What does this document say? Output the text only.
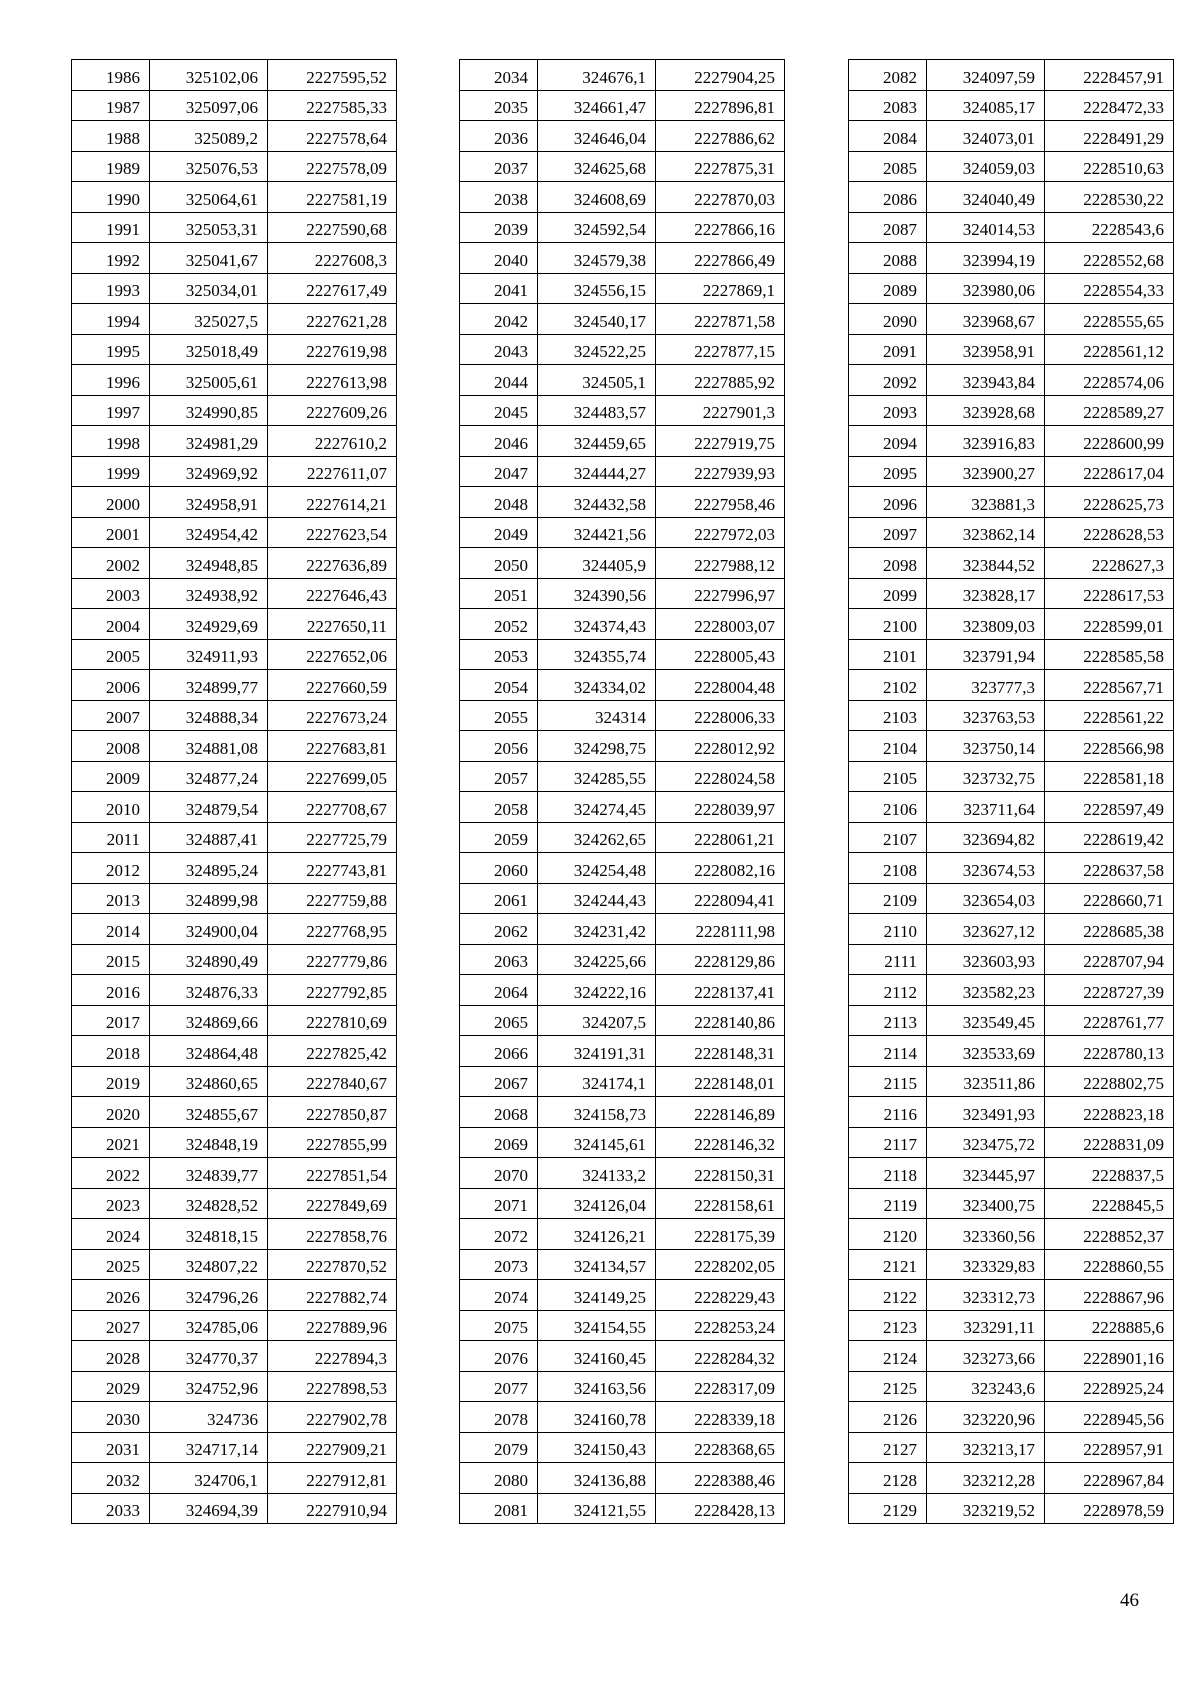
1986	325102,06	2227595,52
1987	325097,06	2227585,33
1988	325089,2	2227578,64
1989	325076,53	2227578,09
1990	325064,61	2227581,19
1991	325053,31	2227590,68
1992	325041,67	2227608,3
1993	325034,01	2227617,49
1994	325027,5	2227621,28
1995	325018,49	2227619,98
1996	325005,61	2227613,98
1997	324990,85	2227609,26
1998	324981,29	2227610,2
1999	324969,92	2227611,07
2000	324958,91	2227614,21
2001	324954,42	2227623,54
2002	324948,85	2227636,89
2003	324938,92	2227646,43
2004	324929,69	2227650,11
2005	324911,93	2227652,06
2006	324899,77	2227660,59
2007	324888,34	2227673,24
2008	324881,08	2227683,81
2009	324877,24	2227699,05
2010	324879,54	2227708,67
2011	324887,41	2227725,79
2012	324895,24	2227743,81
2013	324899,98	2227759,88
2014	324900,04	2227768,95
2015	324890,49	2227779,86
2016	324876,33	2227792,85
2017	324869,66	2227810,69
2018	324864,48	2227825,42
2019	324860,65	2227840,67
2020	324855,67	2227850,87
2021	324848,19	2227855,99
2022	324839,77	2227851,54
2023	324828,52	2227849,69
2024	324818,15	2227858,76
2025	324807,22	2227870,52
2026	324796,26	2227882,74
2027	324785,06	2227889,96
2028	324770,37	2227894,3
2029	324752,96	2227898,53
2030	324736	2227902,78
2031	324717,14	2227909,21
2032	324706,1	2227912,81
2033	324694,39	2227910,94
2034	324676,1	2227904,25
2035	324661,47	2227896,81
2036	324646,04	2227886,62
2037	324625,68	2227875,31
2038	324608,69	2227870,03
2039	324592,54	2227866,16
2040	324579,38	2227866,49
2041	324556,15	2227869,1
2042	324540,17	2227871,58
2043	324522,25	2227877,15
2044	324505,1	2227885,92
2045	324483,57	2227901,3
2046	324459,65	2227919,75
2047	324444,27	2227939,93
2048	324432,58	2227958,46
2049	324421,56	2227972,03
2050	324405,9	2227988,12
2051	324390,56	2227996,97
2052	324374,43	2228003,07
2053	324355,74	2228005,43
2054	324334,02	2228004,48
2055	324314	2228006,33
2056	324298,75	2228012,92
2057	324285,55	2228024,58
2058	324274,45	2228039,97
2059	324262,65	2228061,21
2060	324254,48	2228082,16
2061	324244,43	2228094,41
2062	324231,42	2228111,98
2063	324225,66	2228129,86
2064	324222,16	2228137,41
2065	324207,5	2228140,86
2066	324191,31	2228148,31
2067	324174,1	2228148,01
2068	324158,73	2228146,89
2069	324145,61	2228146,32
2070	324133,2	2228150,31
2071	324126,04	2228158,61
2072	324126,21	2228175,39
2073	324134,57	2228202,05
2074	324149,25	2228229,43
2075	324154,55	2228253,24
2076	324160,45	2228284,32
2077	324163,56	2228317,09
2078	324160,78	2228339,18
2079	324150,43	2228368,65
2080	324136,88	2228388,46
2081	324121,55	2228428,13
2082	324097,59	2228457,91
2083	324085,17	2228472,33
2084	324073,01	2228491,29
2085	324059,03	2228510,63
2086	324040,49	2228530,22
2087	324014,53	2228543,6
2088	323994,19	2228552,68
2089	323980,06	2228554,33
2090	323968,67	2228555,65
2091	323958,91	2228561,12
2092	323943,84	2228574,06
2093	323928,68	2228589,27
2094	323916,83	2228600,99
2095	323900,27	2228617,04
2096	323881,3	2228625,73
2097	323862,14	2228628,53
2098	323844,52	2228627,3
2099	323828,17	2228617,53
2100	323809,03	2228599,01
2101	323791,94	2228585,58
2102	323777,3	2228567,71
2103	323763,53	2228561,22
2104	323750,14	2228566,98
2105	323732,75	2228581,18
2106	323711,64	2228597,49
2107	323694,82	2228619,42
2108	323674,53	2228637,58
2109	323654,03	2228660,71
2110	323627,12	2228685,38
2111	323603,93	2228707,94
2112	323582,23	2228727,39
2113	323549,45	2228761,77
2114	323533,69	2228780,13
2115	323511,86	2228802,75
2116	323491,93	2228823,18
2117	323475,72	2228831,09
2118	323445,97	2228837,5
2119	323400,75	2228845,5
2120	323360,56	2228852,37
2121	323329,83	2228860,55
2122	323312,73	2228867,96
2123	323291,11	2228885,6
2124	323273,66	2228901,16
2125	323243,6	2228925,24
2126	323220,96	2228945,56
2127	323213,17	2228957,91
2128	323212,28	2228967,84
2129	323219,52	2228978,59
46
